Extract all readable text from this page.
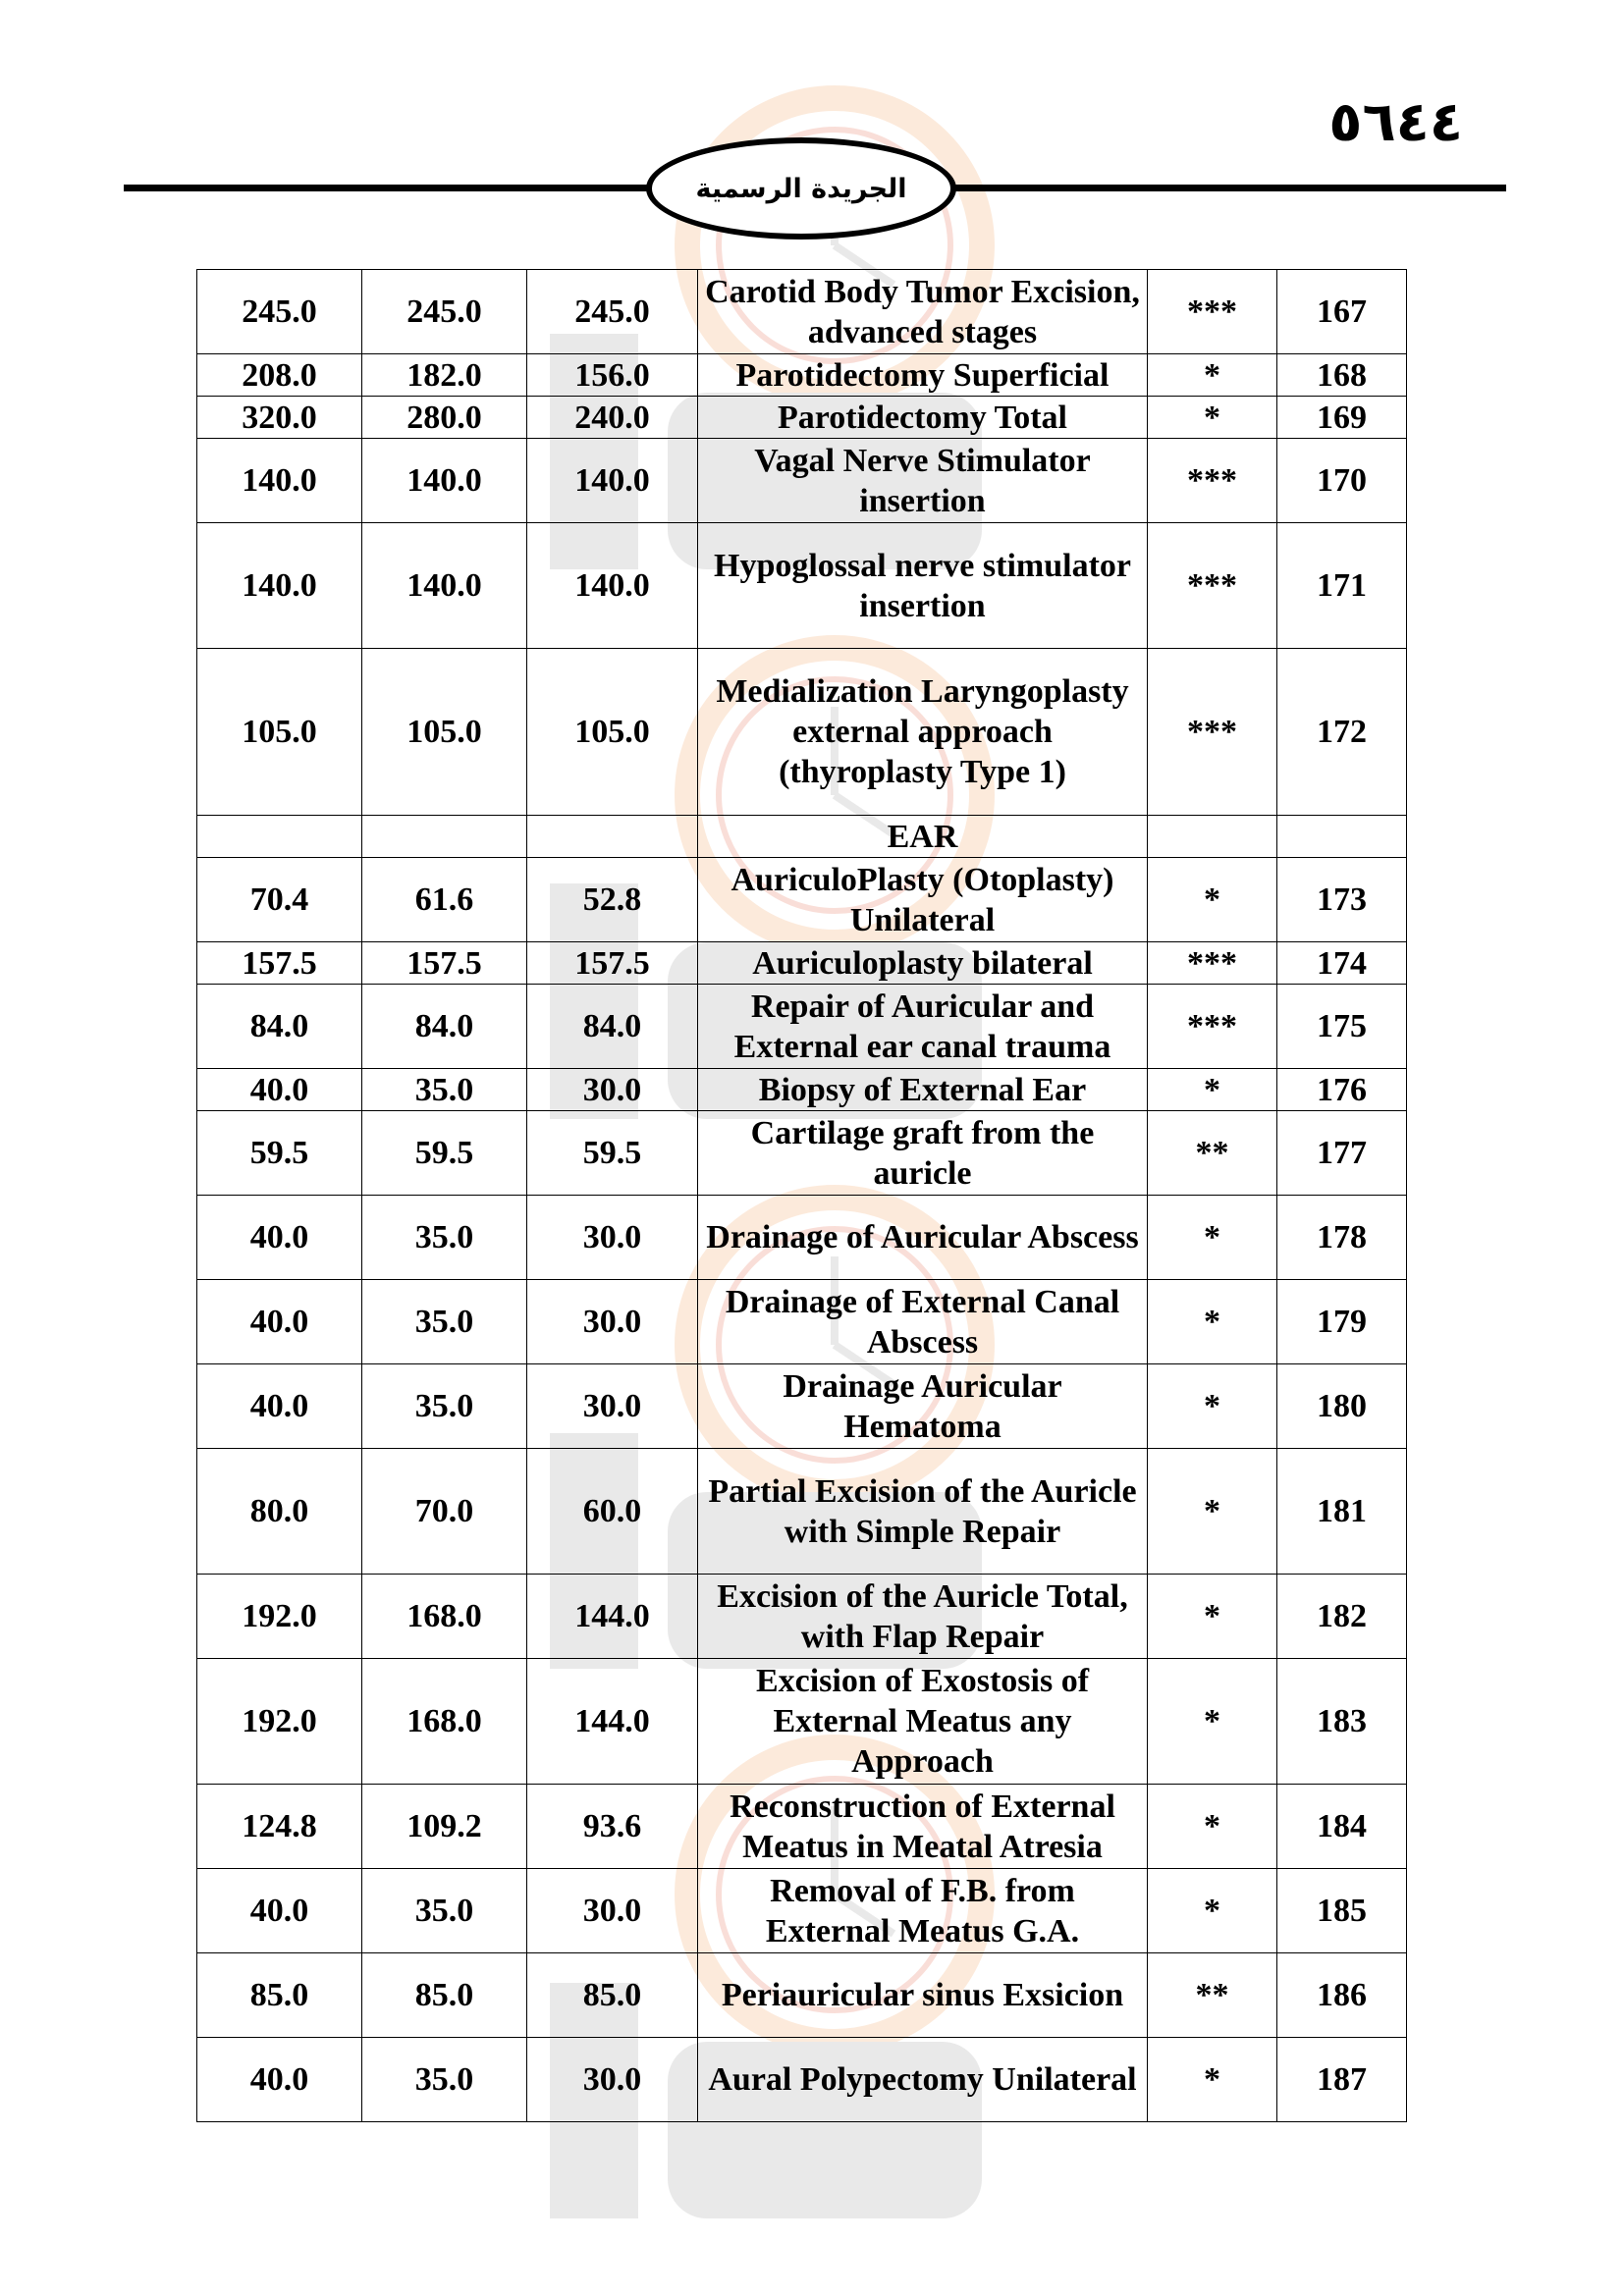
٥٦٤٤
الجريدة الرسمية
245.0	245.0	245.0	Carotid Body Tumor Excision, advanced stages	***	167
208.0	182.0	156.0	Parotidectomy Superficial	*	168
320.0	280.0	240.0	Parotidectomy Total	*	169
140.0	140.0	140.0	Vagal Nerve Stimulator insertion	***	170
140.0	140.0	140.0	Hypoglossal nerve stimulator insertion	***	171
105.0	105.0	105.0	Medialization Laryngoplasty external approach (thyroplasty Type 1)	***	172
			EAR		
70.4	61.6	52.8	AuriculoPlasty (Otoplasty) Unilateral	*	173
157.5	157.5	157.5	Auriculoplasty bilateral	***	174
84.0	84.0	84.0	Repair of Auricular and External ear canal trauma	***	175
40.0	35.0	30.0	Biopsy of External Ear	*	176
59.5	59.5	59.5	Cartilage graft from the auricle	**	177
40.0	35.0	30.0	Drainage of Auricular Abscess	*	178
40.0	35.0	30.0	Drainage of External Canal Abscess	*	179
40.0	35.0	30.0	Drainage Auricular Hematoma	*	180
80.0	70.0	60.0	Partial Excision of the Auricle with Simple Repair	*	181
192.0	168.0	144.0	Excision of the Auricle Total, with Flap Repair	*	182
192.0	168.0	144.0	Excision of Exostosis of External Meatus any Approach	*	183
124.8	109.2	93.6	Reconstruction of External Meatus in Meatal Atresia	*	184
40.0	35.0	30.0	Removal of F.B. from External Meatus G.A.	*	185
85.0	85.0	85.0	Periauricular sinus Exsicion	**	186
40.0	35.0	30.0	Aural Polypectomy Unilateral	*	187
